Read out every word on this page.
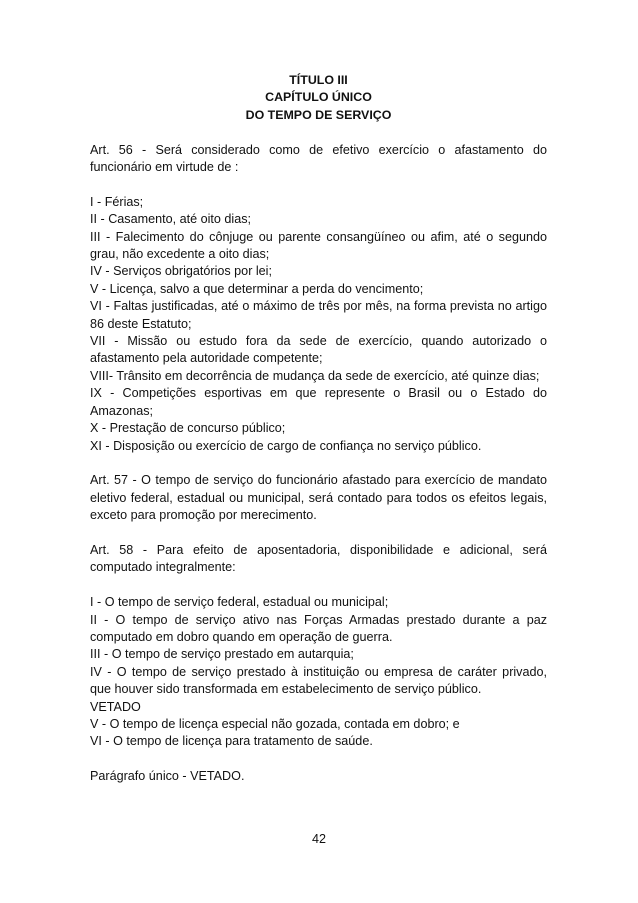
TÍTULO III
CAPÍTULO ÚNICO
DO TEMPO DE SERVIÇO

Art. 56 - Será considerado como de efetivo exercício o afastamento do funcionário em virtude de :

I - Férias;

II - Casamento, até oito dias;

III - Falecimento do cônjuge ou parente consangüíneo ou afim, até o segundo grau, não excedente a oito dias;

IV - Serviços obrigatórios por lei;

V - Licença, salvo a que determinar a perda do vencimento;

VI - Faltas justificadas, até o máximo de três por mês, na forma prevista no artigo 86 deste Estatuto;

VII - Missão ou estudo fora da sede de exercício, quando autorizado o afastamento pela autoridade competente;

VIII- Trânsito em decorrência de mudança da sede de exercício, até quinze dias;

IX - Competições esportivas em que represente o Brasil ou o Estado do Amazonas;

X - Prestação de concurso público;

XI - Disposição ou exercício de cargo de confiança no serviço público.

Art. 57 - O tempo de serviço do funcionário afastado para exercício de mandato eletivo federal, estadual ou municipal, será contado para todos os efeitos legais, exceto para promoção por merecimento.

Art. 58 - Para efeito de aposentadoria, disponibilidade e adicional, será computado integralmente:

I - O tempo de serviço federal, estadual ou municipal;

II - O tempo de serviço ativo nas Forças Armadas prestado durante a paz computado em dobro quando em operação de guerra.

III - O tempo de serviço prestado em autarquia;

IV - O tempo de serviço prestado à instituição ou empresa de caráter privado, que houver sido transformada em estabelecimento de serviço público.

VETADO

V - O tempo de licença especial não gozada, contada em dobro; e

VI - O tempo de licença para tratamento de saúde.

Parágrafo único - VETADO.

42
